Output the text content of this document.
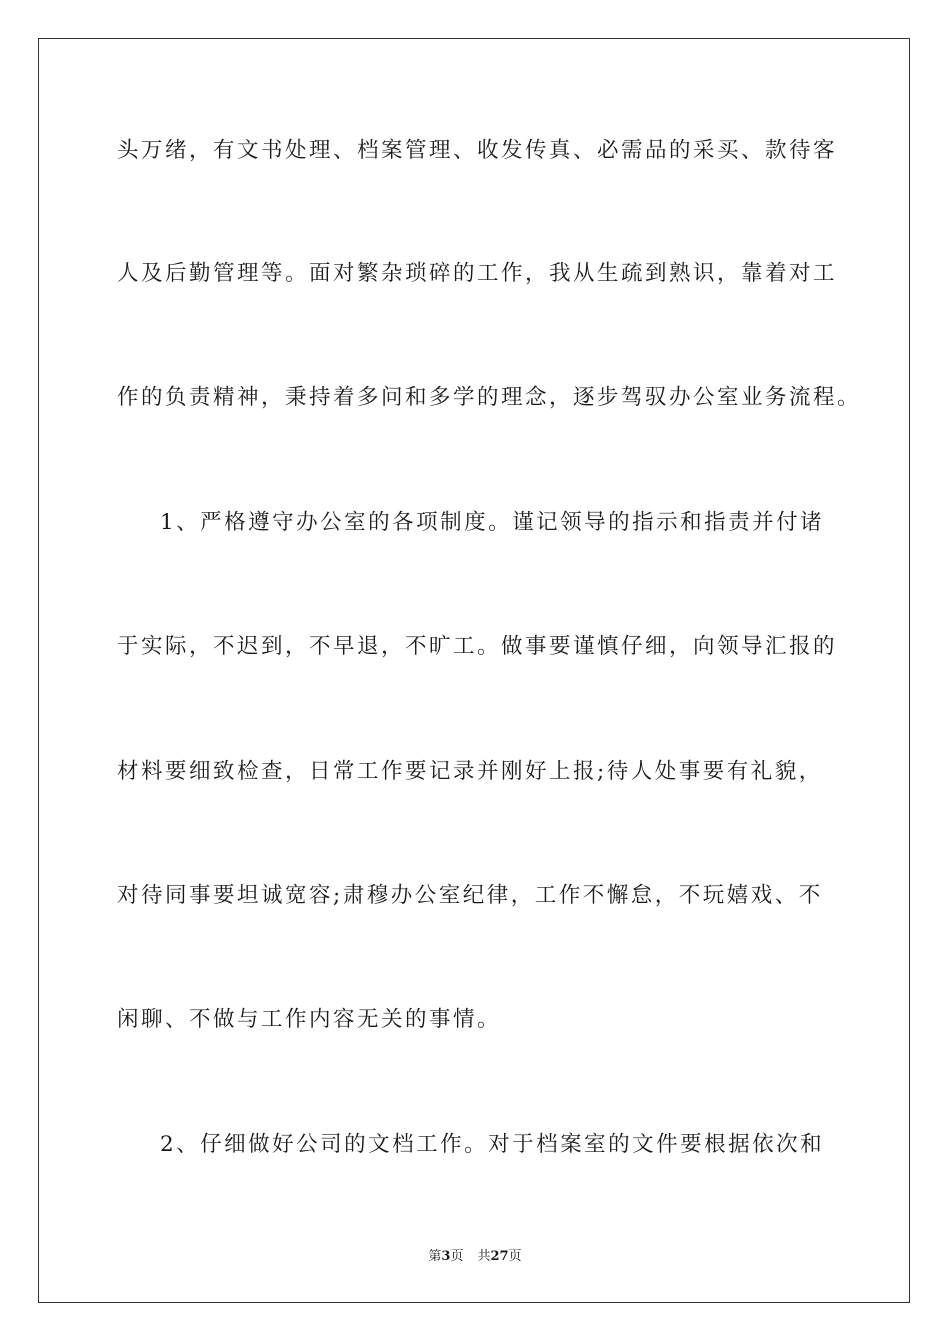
头万绪，有文书处理、档案管理、收发传真、必需品的采买、款待客
人及后勤管理等。面对繁杂琐碎的工作，我从生疏到熟识，靠着对工
作的负责精神，秉持着多问和多学的理念，逐步驾驭办公室业务流程。
1、严格遵守办公室的各项制度。谨记领导的指示和指责并付诸
于实际，不迟到，不早退，不旷工。做事要谨慎仔细，向领导汇报的
材料要细致检查，日常工作要记录并刚好上报;待人处事要有礼貌，
对待同事要坦诚宽容;肃穆办公室纪律，工作不懈怠，不玩嬉戏、不
闲聊、不做与工作内容无关的事情。
2、仔细做好公司的文档工作。对于档案室的文件要根据依次和
第3页 共27页
